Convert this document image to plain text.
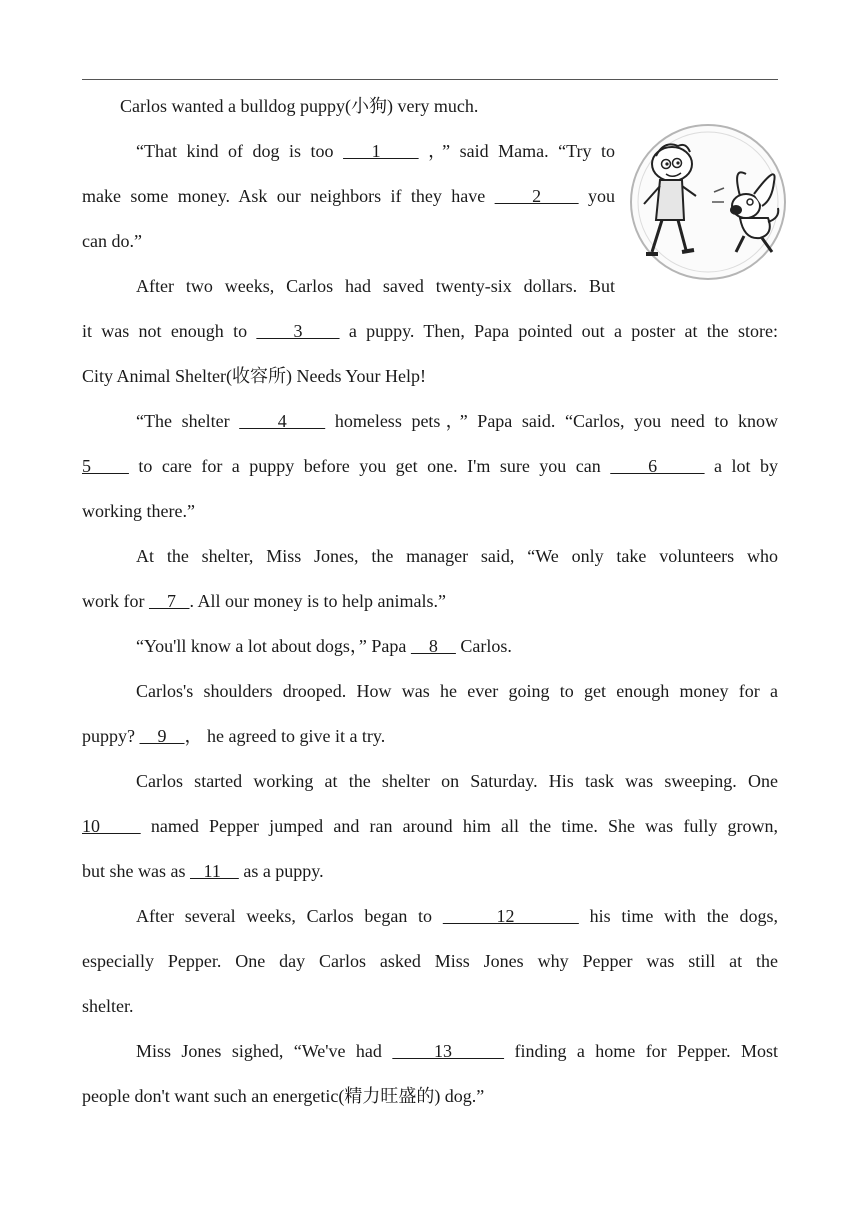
Carlos wanted a bulldog puppy(小狗) very much.
“That kind of dog is too    1     ，” said Mama. “Try to
make some money. Ask our neighbors if they have     2     you
can do.”
After two weeks, Carlos had saved twenty-six dollars. But
it was not enough to     3     a puppy. Then, Papa pointed out a poster at the store:
City Animal Shelter(收容所) Needs Your Help!
“The shelter     4     homeless pets，” Papa said. “Carlos, you need to know
5     to care for a puppy before you get one. I'm sure you can     6      a lot by
working there.”
At the shelter, Miss Jones, the manager said, “We only take volunteers who
work for     7   . All our money is to help animals.”
“You'll know a lot about dogs，” Papa     8     Carlos.
Carlos's shoulders drooped. How was he ever going to get enough money for a
puppy?     9    ， he agreed to give it a try.
Carlos started working at the shelter on Saturday. His task was sweeping. One
10     named Pepper jumped and ran around him all the time. She was fully grown,
but she was as    11     as a puppy.
After several weeks, Carlos began to      12       his time with the dogs,
especially Pepper. One day Carlos asked Miss Jones why Pepper was still at the
shelter.
Miss Jones sighed, “We've had     13      finding a home for Pepper. Most
people don't want such an energetic(精力旺盛的) dog.”
